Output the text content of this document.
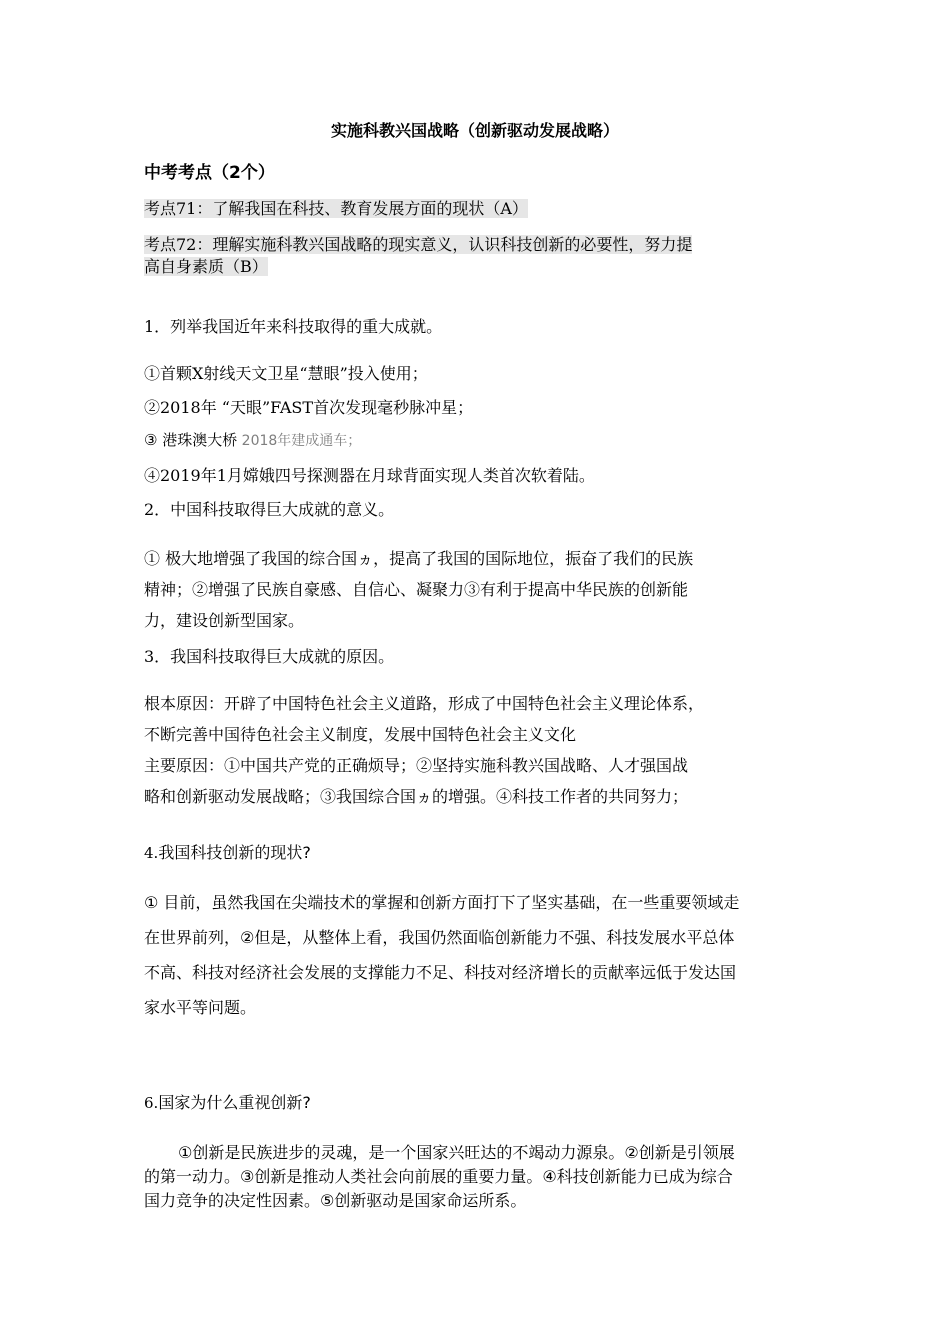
实施科教兴国战略（创新驱动发展战略）
中考考点（2个）
考点71：了解我国在科技、教育发展方面的现状（A）
考点72：理解实施科教兴国战略的现实意义，认识科技创新的必要性，努力提
高自身素质（B）
1．列举我国近年来科技取得的重大成就。
①首颗X射线天文卫星“慧眼”投入使用；
②2018年 “天眼”FAST首次发现毫秒脉冲星；
③ 港珠澳大桥 2018年建成通车；
④2019年1月嫦娥四号探测器在月球背面实现人类首次软着陆。
2．中国科技取得巨大成就的意义。
① 极大地增强了我国的综合国ヵ，提高了我国的国际地位，振奋了我们的民族
精神；②增强了民族自豪感、自信心、凝聚力③有利于提高中华民族的创新能
力，建设创新型国家。
3．我国科技取得巨大成就的原因。
根本原因：开辟了中国特色社会主义道路，形成了中国特色社会主义理论体系，
不断完善中国待色社会主义制度，发展中国特色社会主义文化
主要原因：①中国共产党的正确烦导；②坚持实施科教兴国战略、人才强国战
略和创新驱动发展战略；③我国综合国ヵ的增强。④科技工作者的共同努力；
4.我国科技创新的现状?
① 目前，虽然我国在尖端技术的掌握和创新方面打下了坚实基础，在一些重要领域走
在世界前列，②但是，从整体上看，我国仍然面临创新能力不强、科技发展水平总体
不高、科技对经济社会发展的支撑能力不足、科技对经济增长的贡献率远低于发达国
家水平等问题。
6.国家为什么重视创新?
①创新是民族进步的灵魂，是一个国家兴旺达的不竭动力源泉。②创新是引领展
的第一动力。③创新是推动人类社会向前展的重要力量。④科技创新能力已成为综合
国力竞争的决定性因素。⑤创新驱动是国家命运所系。
